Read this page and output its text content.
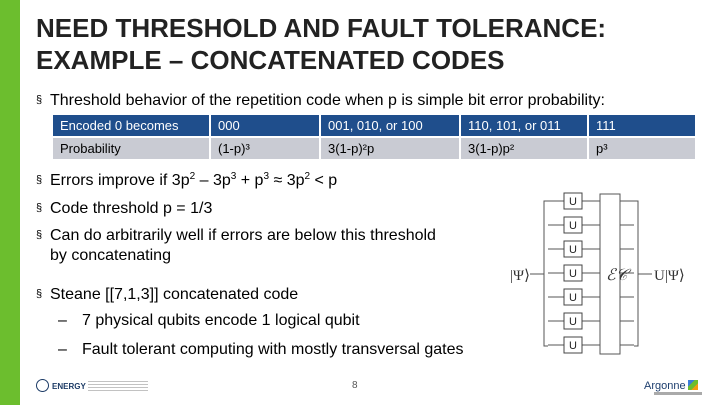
NEED THRESHOLD AND FAULT TOLERANCE:
EXAMPLE – CONCATENATED CODES
§ Threshold behavior of the repetition code when p is simple bit error probability:
Encoded 0 becomes	000	001, 010, or 100	110, 101, or 011	111
Probability	(1-p)³	3(1-p)²p	3(1-p)p²	p³
§ Errors improve if $3p^2 - 3p^3 + p^3 \approx 3p^2 < p$
§ Code threshold p = 1/3
§ Can do arbitrarily well if errors are below this threshold
by concatenating
§ Steane [[7,1,3]] concatenated code
– 7 physical qubits encode 1 logical qubit
– Fault tolerant computing with mostly transversal gates
U
U
U
U
U
U
U
ℰ𝒞
|Ψ⟩	U|Ψ⟩
ENERGY	8	Argonne
